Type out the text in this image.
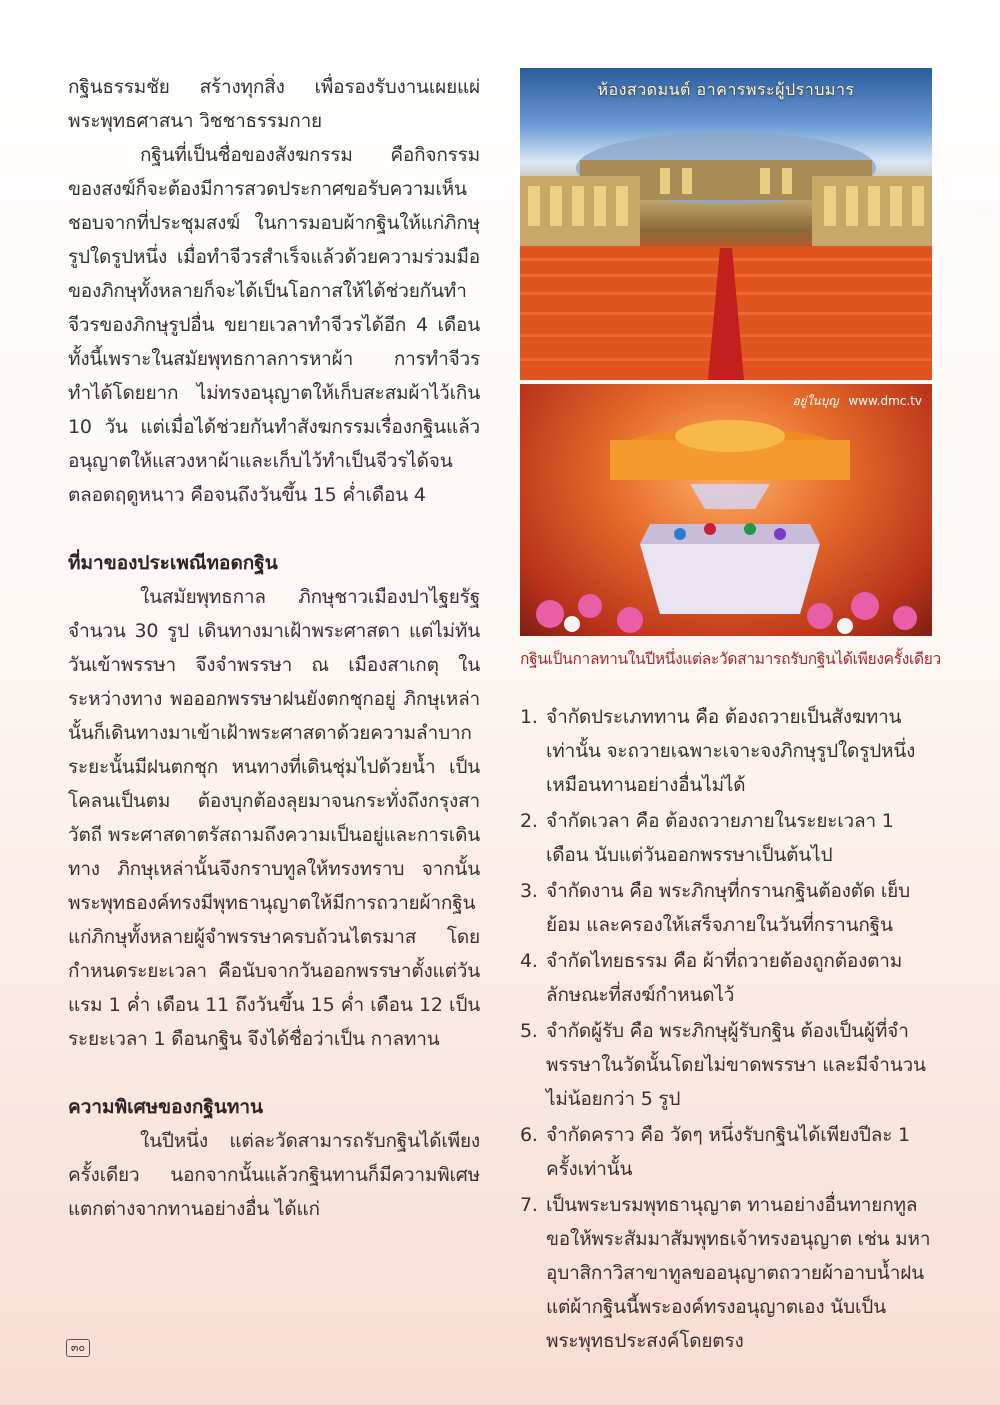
กฐินธรรมชัย สร้างทุกสิ่ง เพื่อรองรับงานเผยแผ่พระพุทธศาสนา วิชชาธรรมกาย

กฐินที่เป็นชื่อของสังฆกรรม คือกิจกรรมของสงฆ์ก็จะต้องมีการสวดประกาศขอรับความเห็นชอบจากที่ประชุมสงฆ์ ในการมอบผ้ากฐินให้แก่ภิกษุรูปใดรูปหนึ่ง เมื่อทำจีวรสำเร็จแล้วด้วยความร่วมมือของภิกษุทั้งหลายก็จะได้เป็นโอกาสให้ได้ช่วยกันทำจีวรของภิกษุรูปอื่น ขยายเวลาทำจีวรได้อีก 4 เดือน ทั้งนี้เพราะในสมัยพุทธกาลการหาผ้า การทำจีวรทำได้โดยยาก ไม่ทรงอนุญาตให้เก็บสะสมผ้าไว้เกิน 10 วัน แต่เมื่อได้ช่วยกันทำสังฆกรรมเรื่องกฐินแล้วอนุญาตให้แสวงหาผ้าและเก็บไว้ทำเป็นจีวรได้จนตลอดฤดูหนาว คือจนถึงวันขึ้น 15 ค่ำเดือน 4

ที่มาของประเพณีทอดกฐิน

ในสมัยพุทธกาล ภิกษุชาวเมืองปาไฐยรัฐจำนวน 30 รูป เดินทางมาเฝ้าพระศาสดา แต่ไม่ทันวันเข้าพรรษา จึงจำพรรษา ณ เมืองสาเกตุ ในระหว่างทาง พอออกพรรษาฝนยังตกชุกอยู่ ภิกษุเหล่านั้นก็เดินทางมาเข้าเฝ้าพระศาสดาด้วยความลำบาก ระยะนั้นมีฝนตกชุก หนทางที่เดินชุ่มไปด้วยน้ำ เป็นโคลนเป็นตม ต้องบุกต้องลุยมาจนกระทั่งถึงกรุงสาวัตถี พระศาสดาตรัสถามถึงความเป็นอยู่และการเดินทาง ภิกษุเหล่านั้นจึงกราบทูลให้ทรงทราบ จากนั้นพระพุทธองค์ทรงมีพุทธานุญาตให้มีการถวายผ้ากฐินแก่ภิกษุทั้งหลายผู้จำพรรษาครบถ้วนไตรมาส โดยกำหนดระยะเวลา คือนับจากวันออกพรรษาตั้งแต่วันแรม 1 ค่ำ เดือน 11 ถึงวันขึ้น 15 ค่ำ เดือน 12 เป็นระยะเวลา 1 ดือนกฐิน จึงได้ชื่อว่าเป็น กาลทาน

ความพิเศษของกฐินทาน

ในปีหนึ่ง แต่ละวัดสามารถรับกฐินได้เพียงครั้งเดียว นอกจากนั้นแล้วกฐินทานก็มีความพิเศษแตกต่างจากทานอย่างอื่น ได้แก่

ห้องสวดมนต์ อาคารพระผู้ปราบมาร
อยู่ในบุญ www.dmc.tv

กฐินเป็นกาลทานในปีหนึ่งแต่ละวัดสามารถรับกฐินได้เพียงครั้งเดียว

1. จำกัดประเภททาน คือ ต้องถวายเป็นสังฆทานเท่านั้น จะถวายเฉพาะเจาะจงภิกษุรูปใดรูปหนึ่งเหมือนทานอย่างอื่นไม่ได้
2. จำกัดเวลา คือ ต้องถวายภายในระยะเวลา 1 เดือน นับแต่วันออกพรรษาเป็นต้นไป
3. จำกัดงาน คือ พระภิกษุที่กรานกฐินต้องตัด เย็บ ย้อม และครองให้เสร็จภายในวันที่กรานกฐิน
4. จำกัดไทยธรรม คือ ผ้าที่ถวายต้องถูกต้องตามลักษณะที่สงฆ์กำหนดไว้
5. จำกัดผู้รับ คือ พระภิกษุผู้รับกฐิน ต้องเป็นผู้ที่จำ พรรษาในวัดนั้นโดยไม่ขาดพรรษา และมีจำนวนไม่น้อยกว่า 5 รูป
6. จำกัดคราว คือ วัดๆ หนึ่งรับกฐินได้เพียงปีละ 1 ครั้งเท่านั้น
7. เป็นพระบรมพุทธานุญาต ทานอย่างอื่นทายกทูลขอให้พระสัมมาสัมพุทธเจ้าทรงอนุญาต เช่น มหาอุบาสิกาวิสาขาทูลขออนุญาตถวายผ้าอาบน้ำฝน แต่ผ้ากฐินนี้พระองค์ทรงอนุญาตเอง นับเป็นพระพุทธประสงค์โดยตรง
๓๐
